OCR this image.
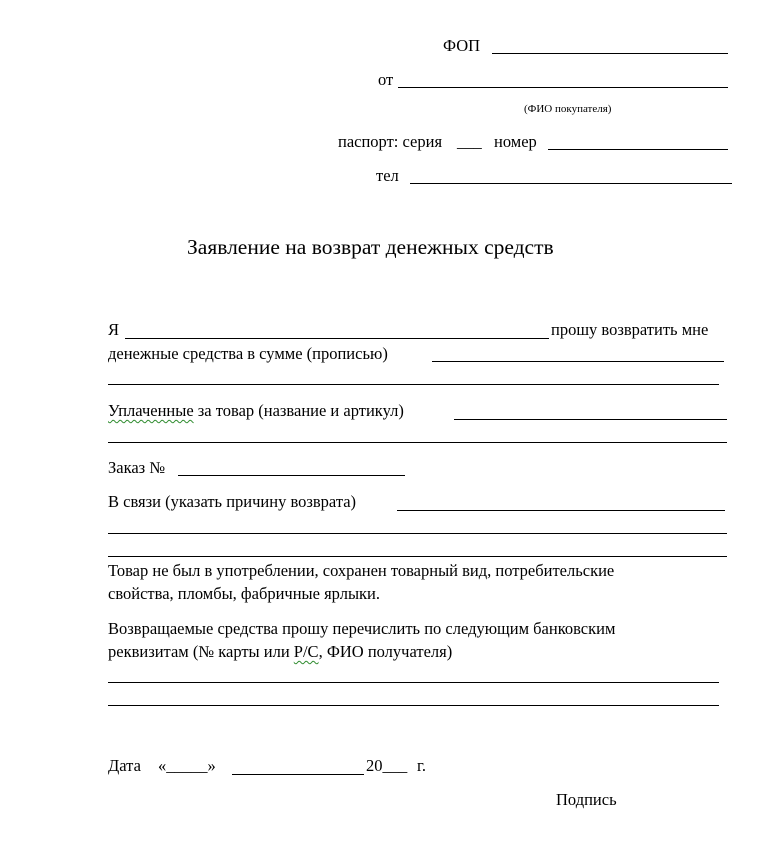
ФОП
от
(ФИО покупателя)
паспорт: серия ___ номер
тел
Заявление на возврат денежных средств
Я	прошу возвратить мне
денежные средства в сумме (прописью)
Уплаченные за товар (название и артикул)
Заказ №
В связи (указать причину возврата)
Товар не был в употреблении, сохранен товарный вид, потребительские
свойства, пломбы, фабричные ярлыки.
Возвращаемые средства прошу перечислить по следующим банковским
реквизитам (№ карты или Р/С, ФИО получателя)
Дата «_____»	20___ г.
Подпись
